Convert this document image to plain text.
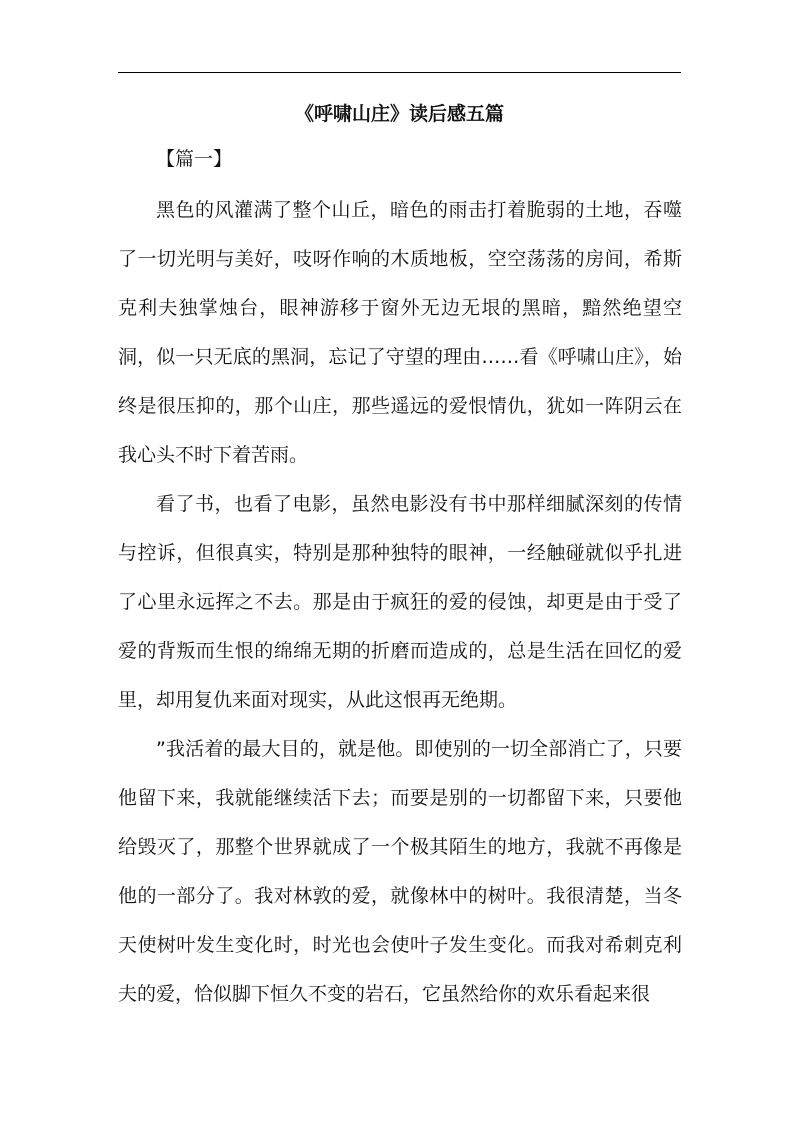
《呼啸山庄》读后感五篇

【篇一】

黑色的风灌满了整个山丘，暗色的雨击打着脆弱的土地，吞噬了一切光明与美好，吱呀作响的木质地板，空空荡荡的房间，希斯克利夫独掌烛台，眼神游移于窗外无边无垠的黑暗，黯然绝望空洞，似一只无底的黑洞，忘记了守望的理由……看《呼啸山庄》，始终是很压抑的，那个山庄，那些遥远的爱恨情仇，犹如一阵阴云在我心头不时下着苦雨。

看了书，也看了电影，虽然电影没有书中那样细腻深刻的传情与控诉，但很真实，特别是那种独特的眼神，一经触碰就似乎扎进了心里永远挥之不去。那是由于疯狂的爱的侵蚀，却更是由于受了爱的背叛而生恨的绵绵无期的折磨而造成的，总是生活在回忆的爱里，却用复仇来面对现实，从此这恨再无绝期。

”我活着的最大目的，就是他。即使别的一切全部消亡了，只要他留下来，我就能继续活下去；而要是别的一切都留下来，只要他给毁灭了，那整个世界就成了一个极其陌生的地方，我就不再像是他的一部分了。我对林敦的爱，就像林中的树叶。我很清楚，当冬天使树叶发生变化时，时光也会使叶子发生变化。而我对希刺克利夫的爱，恰似脚下恒久不变的岩石，它虽然给你的欢乐看起来很
